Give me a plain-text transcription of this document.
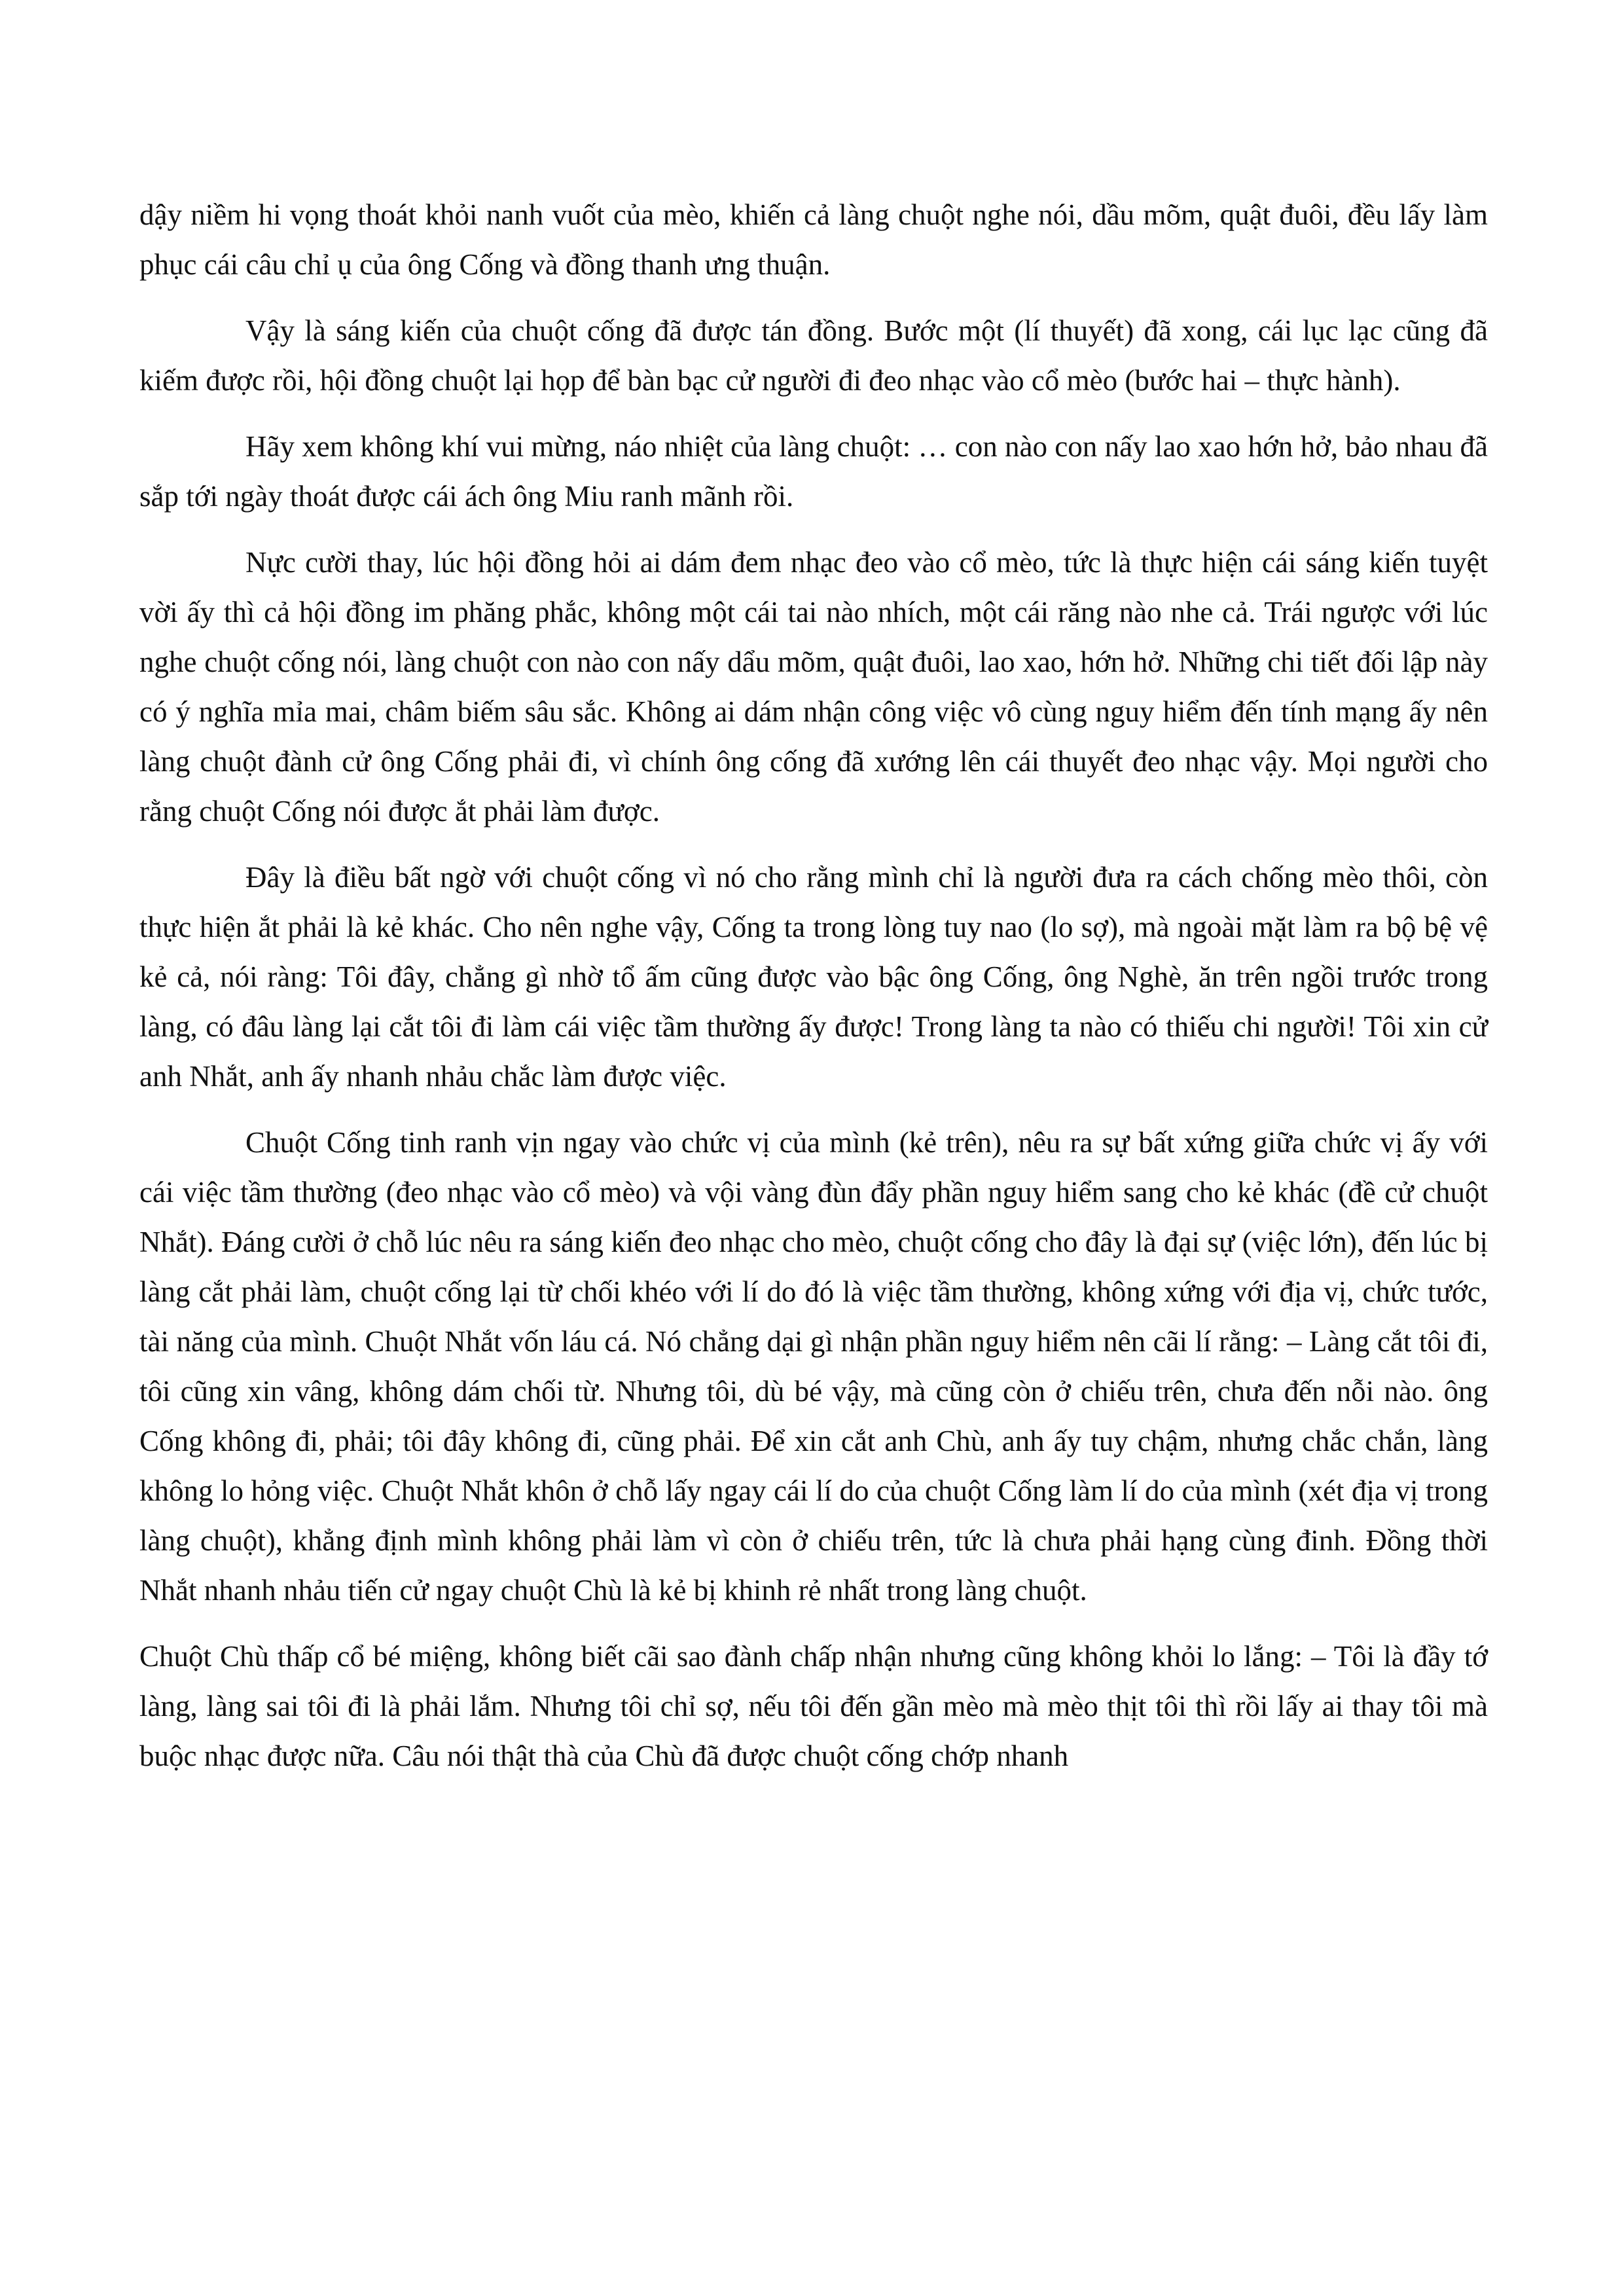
dậy niềm hi vọng thoát khỏi nanh vuốt của mèo, khiến cả làng chuột nghe nói, dầu mõm, quật đuôi, đều lấy làm phục cái câu chỉ ụ của ông Cống và đồng thanh ưng thuận.

Vậy là sáng kiến của chuột cống đã được tán đồng. Bước một (lí thuyết) đã xong, cái lục lạc cũng đã kiếm được rồi, hội đồng chuột lại họp để bàn bạc cử người đi đeo nhạc vào cổ mèo (bước hai – thực hành).

Hãy xem không khí vui mừng, náo nhiệt của làng chuột: … con nào con nấy lao xao hớn hở, bảo nhau đã sắp tới ngày thoát được cái ách ông Miu ranh mãnh rồi.

Nực cười thay, lúc hội đồng hỏi ai dám đem nhạc đeo vào cổ mèo, tức là thực hiện cái sáng kiến tuyệt vời ấy thì cả hội đồng im phăng phắc, không một cái tai nào nhích, một cái răng nào nhe cả. Trái ngược với lúc nghe chuột cống nói, làng chuột con nào con nấy dẩu mõm, quật đuôi, lao xao, hớn hở. Những chi tiết đối lập này có ý nghĩa mỉa mai, châm biếm sâu sắc. Không ai dám nhận công việc vô cùng nguy hiểm đến tính mạng ấy nên làng chuột đành cử ông Cống phải đi, vì chính ông cống đã xướng lên cái thuyết đeo nhạc vậy. Mọi người cho rằng chuột Cống nói được ắt phải làm được.

Đây là điều bất ngờ với chuột cống vì nó cho rằng mình chỉ là người đưa ra cách chống mèo thôi, còn thực hiện ắt phải là kẻ khác. Cho nên nghe vậy, Cống ta trong lòng tuy nao (lo sợ), mà ngoài mặt làm ra bộ bệ vệ kẻ cả, nói ràng: Tôi đây, chẳng gì nhờ tổ ấm cũng được vào bậc ông Cống, ông Nghè, ăn trên ngồi trước trong làng, có đâu làng lại cắt tôi đi làm cái việc tầm thường ấy được! Trong làng ta nào có thiếu chi người! Tôi xin cử anh Nhắt, anh ấy nhanh nhảu chắc làm được việc.

Chuột Cống tinh ranh vịn ngay vào chức vị của mình (kẻ trên), nêu ra sự bất xứng giữa chức vị ấy với cái việc tầm thường (đeo nhạc vào cổ mèo) và vội vàng đùn đẩy phần nguy hiểm sang cho kẻ khác (đề cử chuột Nhắt). Đáng cười ở chỗ lúc nêu ra sáng kiến đeo nhạc cho mèo, chuột cống cho đây là đại sự (việc lớn), đến lúc bị làng cắt phải làm, chuột cống lại từ chối khéo với lí do đó là việc tầm thường, không xứng với địa vị, chức tước, tài năng của mình. Chuột Nhắt vốn láu cá. Nó chẳng dại gì nhận phần nguy hiểm nên cãi lí rằng: – Làng cắt tôi đi, tôi cũng xin vâng, không dám chối từ. Nhưng tôi, dù bé vậy, mà cũng còn ở chiếu trên, chưa đến nỗi nào. ông Cống không đi, phải; tôi đây không đi, cũng phải. Để xin cắt anh Chù, anh ấy tuy chậm, nhưng chắc chắn, làng không lo hỏng việc. Chuột Nhắt khôn ở chỗ lấy ngay cái lí do của chuột Cống làm lí do của mình (xét địa vị trong làng chuột), khẳng định mình không phải làm vì còn ở chiếu trên, tức là chưa phải hạng cùng đinh. Đồng thời Nhắt nhanh nhảu tiến cử ngay chuột Chù là kẻ bị khinh rẻ nhất trong làng chuột.

Chuột Chù thấp cổ bé miệng, không biết cãi sao đành chấp nhận nhưng cũng không khỏi lo lắng: – Tôi là đầy tớ làng, làng sai tôi đi là phải lắm. Nhưng tôi chỉ sợ, nếu tôi đến gần mèo mà mèo thịt tôi thì rồi lấy ai thay tôi mà buộc nhạc được nữa. Câu nói thật thà của Chù đã được chuột cống chớp nhanh
